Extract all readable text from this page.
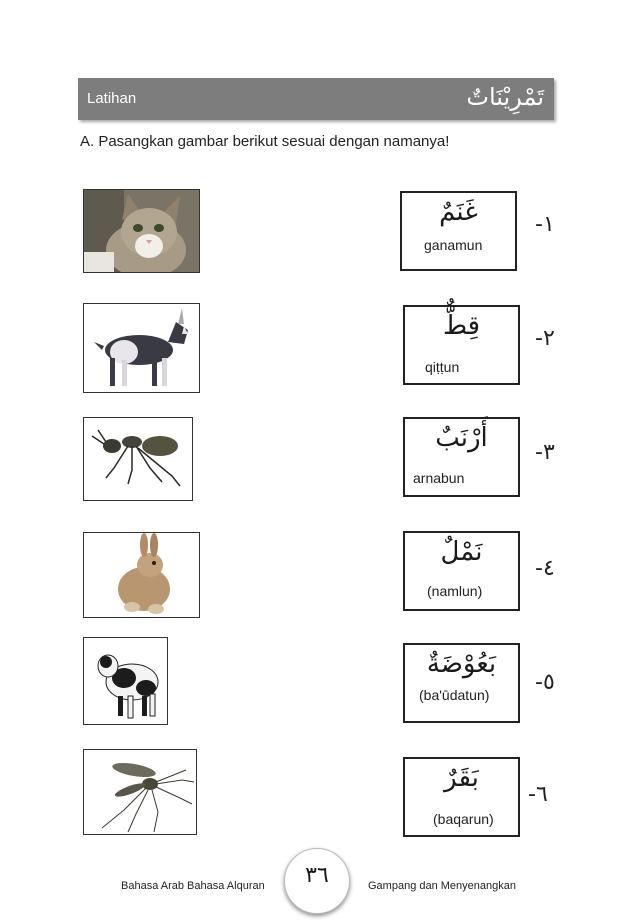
Latihan	تَمْرِيْنَاتٌ
A. Pasangkan gambar berikut sesuai dengan namanya!
غَنَمٌ
ganamun
١-
قِطٌّ
qiṭṭun
٢-
أَرْنَبٌ
arnabun
٣-
نَمْلٌ
(namlun)
٤-
بَعُوْضَةٌ
(ba'ūdatun) ٥-
بَقَرٌ
(baqarun)
٦-
Bahasa Arab Bahasa Alquran	٣٦	Gampang dan Menyenangkan
